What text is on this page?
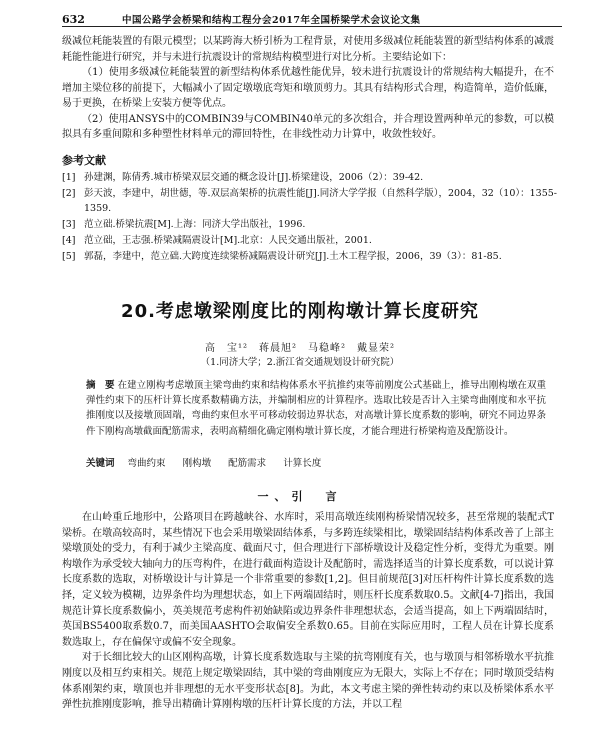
632	中国公路学会桥梁和结构工程分会2017年全国桥梁学术会议论文集

级减位耗能装置的有限元模型；以某跨海大桥引桥为工程背景，对使用多级减位耗能装置的新型结构体系的减震耗能性能进行研究，并与未进行抗震设计的常规结构模型进行对比分析。主要结论如下：

（1）使用多级减位耗能装置的新型结构体系优越性能优异，较未进行抗震设计的常规结构大幅提升，在不增加主梁位移的前提下，大幅减小了固定墩墩底弯矩和墩顶剪力。其具有结构形式合理，构造简单，造价低廉，易于更换，在桥梁上安装方便等优点。

（2）使用ANSYS中的COMBIN39与COMBIN40单元的多次组合，并合理设置两种单元的参数，可以模拟具有多重间隙和多种塑性材料单元的滞回特性，在非线性动力计算中，收敛性较好。

参考文献
[1] 孙建渊，陈倩秀.城市桥梁双层交通的概念设计[J].桥梁建设，2006（2）：39-42.
[2] 彭天波，李建中，胡世德，等.双层高架桥的抗震性能[J].同济大学学报（自然科学版），2004，32（10）：1355-1359.
[3] 范立础.桥梁抗震[M].上海：同济大学出版社，1996.
[4] 范立础，王志强.桥梁减隔震设计[M].北京：人民交通出版社，2001.
[5] 郭磊，李建中，范立础.大跨度连续梁桥减隔震设计研究[J].土木工程学报，2006，39（3）：81-85.
20.考虑墩梁刚度比的刚构墩计算长度研究
高　宝¹²　蒋晨旭²　马稳峰²　戴显荣²
（1.同济大学；2.浙江省交通规划设计研究院）
摘　要 在建立刚构考虑墩顶主梁弯曲约束和结构体系水平抗推约束等前刚度公式基础上，推导出刚构墩在双重弹性约束下的压杆计算长度系数精确方法，并编制相应的计算程序。选取比较是否计入主梁弯曲刚度和水平抗推刚度以及接墩顶固端，弯曲约束但水平可移动较弱边界状态，对高墩计算长度系数的影响，研究不同边界条件下刚构高墩截面配筋需求，表明高精细化确定刚构墩计算长度，才能合理进行桥梁构造及配筋设计。
关键词 弯曲约束 刚构墩 配筋需求 计算长度
一、引　言

在山岭重丘地形中，公路项目在跨越峡谷、水库时，采用高墩连续刚构桥梁情况较多，甚至常规的装配式T梁桥。在墩高较高时，某些情况下也会采用墩梁固结体系，与多跨连续梁相比，墩梁固结结构体系改善了上部主梁墩顶处的受力，有利于减少主梁高度、截面尺寸，但合理进行下部桥墩设计及稳定性分析，变得尤为重要。刚构墩作为承受较大轴向力的压弯构件，在进行截面构造设计及配筋时，需选择适当的计算长度系数，可以说计算长度系数的选取，对桥墩设计与计算是一个非常重要的参数[1,2]。但目前规范[3]对压杆构件计算长度系数的选择，定义较为模糊，边界条件均为理想状态，如上下两端固结时，则压杆长度系数取0.5。文献[4-7]指出，我国规范计算长度系数偏小，英美规范考虑构件初始缺陷或边界条件非理想状态，会适当提高，如上下两端固结时，英国BS5400取系数0.7，而美国AASHTO会取偏安全系数0.65。目前在实际应用时，工程人员在计算长度系数选取上，存在偏保守或偏不安全现象。

对于长细比较大的山区刚构高墩，计算长度系数选取与主梁的抗弯刚度有关，也与墩顶与相邻桥墩水平抗推刚度以及相互约束相关。规范上规定墩梁固结，其中梁的弯曲刚度应为无限大，实际上不存在；同时墩顶受结构体系刚架约束，墩顶也并非理想的无水平变形状态[8]。为此，本文考虑主梁的弹性转动约束以及桥梁体系水平弹性抗推刚度影响，推导出精确计算刚构墩的压杆计算长度的方法，并以工程
